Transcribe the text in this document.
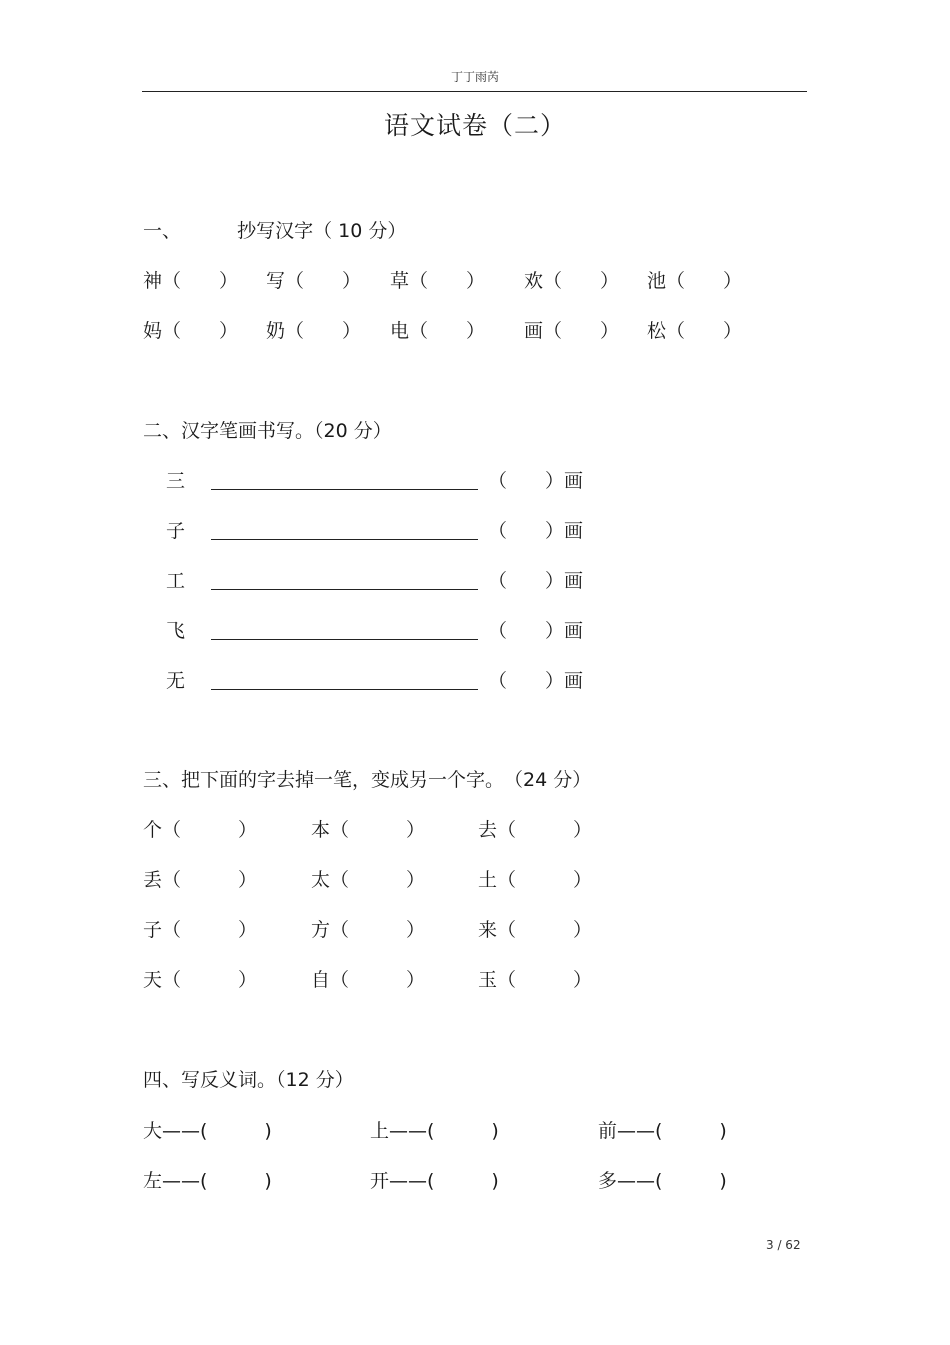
丁丁雨芮
语文试卷（二）
一、	抄写汉字（ 10 分）
神（　　） 写（　　） 草（　　） 欢（　　） 池（　　）
妈（　　） 奶（　　） 电（　　） 画（　　） 松（　　）
二、汉字笔画书写。（20 分）
三	（　　）画
子	（　　）画
工	（　　）画
飞	（　　）画
无	（　　）画
三、把下面的字去掉一笔，变成另一个字。　（24 分）
个（　　　）	本（　　　）	去（　　　）
丢（　　　）	太（　　　）	土（　　　）
子（　　　）	方（　　　）	来（　　　）
天（　　　）	自（　　　）	玉（　　　）
四、写反义词。（12 分）
大——(　　　)	上——(　　　)	前——(　　　)
左——(　　　)	开——(　　　)	多——(　　　)
3 / 62
